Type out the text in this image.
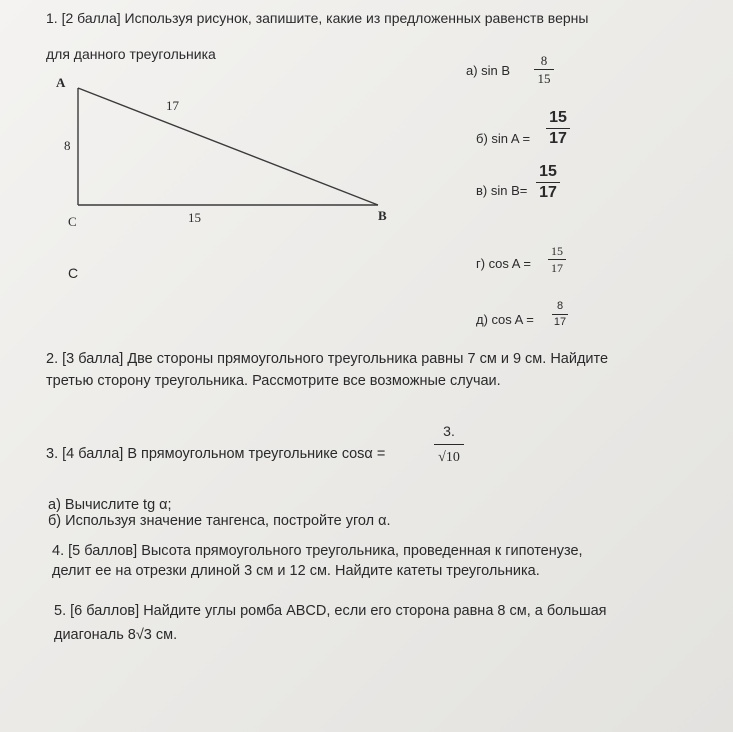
1. [2 балла] Используя рисунок, запишите, какие из предложенных равенств верны
для данного треугольника
A
17
8
C	15	B
C
а) sin B
8
15
б) sin A =
15
17
в) sin B=
15
17
г) cos A =
15
17
д) cos A =
8
17
2. [3 балла] Две стороны прямоугольного треугольника равны 7 см и 9 см. Найдите
третью сторону треугольника. Рассмотрите все возможные случаи.
3. [4 балла] В прямоугольном треугольнике cosα =
3.
√10
а) Вычислите tg α;
б) Используя значение тангенса, постройте угол α.
4. [5 баллов] Высота прямоугольного треугольника, проведенная к гипотенузе,
делит ее на отрезки длиной 3 см и 12 см. Найдите катеты треугольника.
5. [6 баллов] Найдите углы ромба ABCD, если его сторона равна 8 см, а большая
диагональ 8√3 см.
